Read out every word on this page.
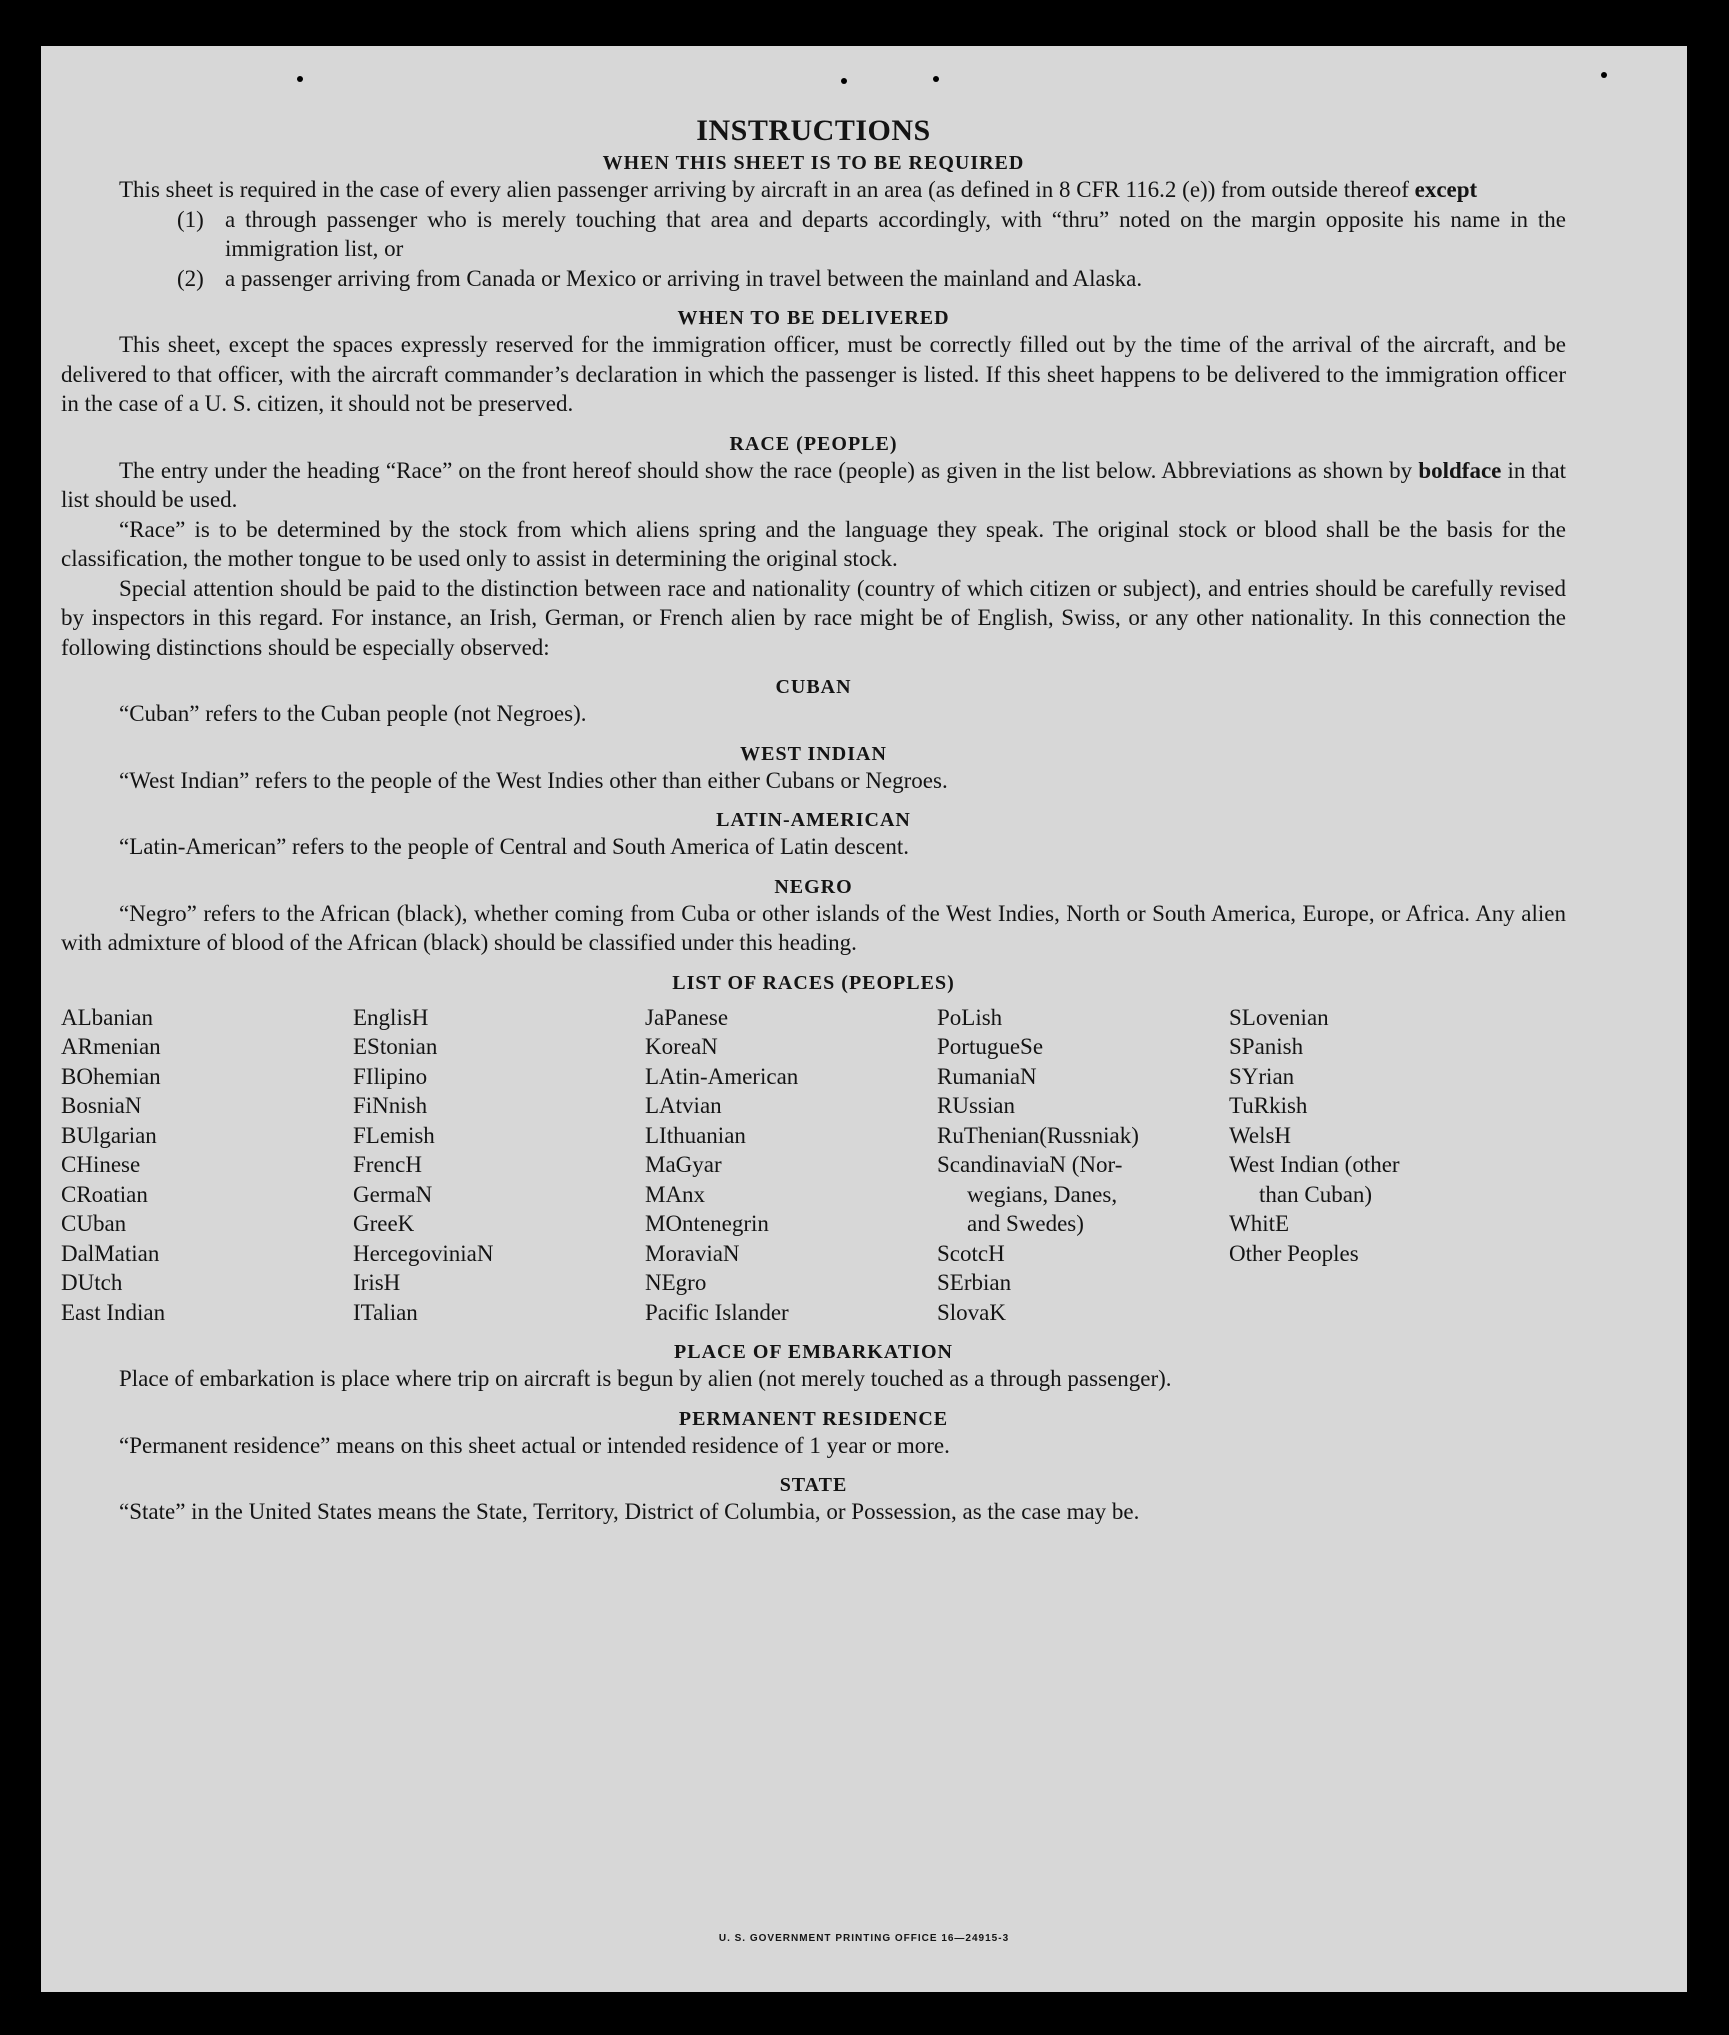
INSTRUCTIONS
WHEN THIS SHEET IS TO BE REQUIRED

This sheet is required in the case of every alien passenger arriving by aircraft in an area (as defined in 8 CFR 116.2 (e)) from outside thereof except

(1) a through passenger who is merely touching that area and departs accordingly, with “thru” noted on the margin opposite his name in the immigration list, or
(2) a passenger arriving from Canada or Mexico or arriving in travel between the mainland and Alaska.
WHEN TO BE DELIVERED

This sheet, except the spaces expressly reserved for the immigration officer, must be correctly filled out by the time of the arrival of the aircraft, and be delivered to that officer, with the aircraft commander’s declaration in which the passenger is listed. If this sheet happens to be delivered to the immigration officer in the case of a U. S. citizen, it should not be preserved.

RACE (PEOPLE)

The entry under the heading “Race” on the front hereof should show the race (people) as given in the list below. Abbreviations as shown by boldface in that list should be used.

“Race” is to be determined by the stock from which aliens spring and the language they speak. The original stock or blood shall be the basis for the classification, the mother tongue to be used only to assist in determining the original stock.

Special attention should be paid to the distinction between race and nationality (country of which citizen or subject), and entries should be carefully revised by inspectors in this regard. For instance, an Irish, German, or French alien by race might be of English, Swiss, or any other nationality. In this connection the following distinctions should be especially observed:

CUBAN

“Cuban” refers to the Cuban people (not Negroes).

WEST INDIAN

“West Indian” refers to the people of the West Indies other than either Cubans or Negroes.

LATIN-AMERICAN

“Latin-American” refers to the people of Central and South America of Latin descent.

NEGRO

“Negro” refers to the African (black), whether coming from Cuba or other islands of the West Indies, North or South America, Europe, or Africa. Any alien with admixture of blood of the African (black) should be classified under this heading.

LIST OF RACES (PEOPLES)
ALbanian
ARmenian
BOhemian
BosniaN
BUlgarian
CHinese
CRoatian
CUban
DalMatian
DUtch
East Indian
EnglisH
EStonian
FIlipino
FiNnish
FLemish
FrencH
GermaN
GreeK
HercegoviniaN
IrisH
ITalian
JaPanese
KoreaN
LAtin-American
LAtvian
LIthuanian
MaGyar
MAnx
MOntenegrin
MoraviaN
NEgro
Pacific Islander
PoLish
PortugueSe
RumaniaN
RUssian
RuThenian(Russniak)
ScandinaviaN (Nor-
wegians, Danes,
and Swedes)
ScotcH
SErbian
SlovaK
SLovenian
SPanish
SYrian
TuRkish
WelsH
West Indian (other
than Cuban)
WhitE
Other Peoples
PLACE OF EMBARKATION

Place of embarkation is place where trip on aircraft is begun by alien (not merely touched as a through passenger).

PERMANENT RESIDENCE

“Permanent residence” means on this sheet actual or intended residence of 1 year or more.

STATE

“State” in the United States means the State, Territory, District of Columbia, or Possession, as the case may be.

U. S. GOVERNMENT PRINTING OFFICE 16—24915-3
